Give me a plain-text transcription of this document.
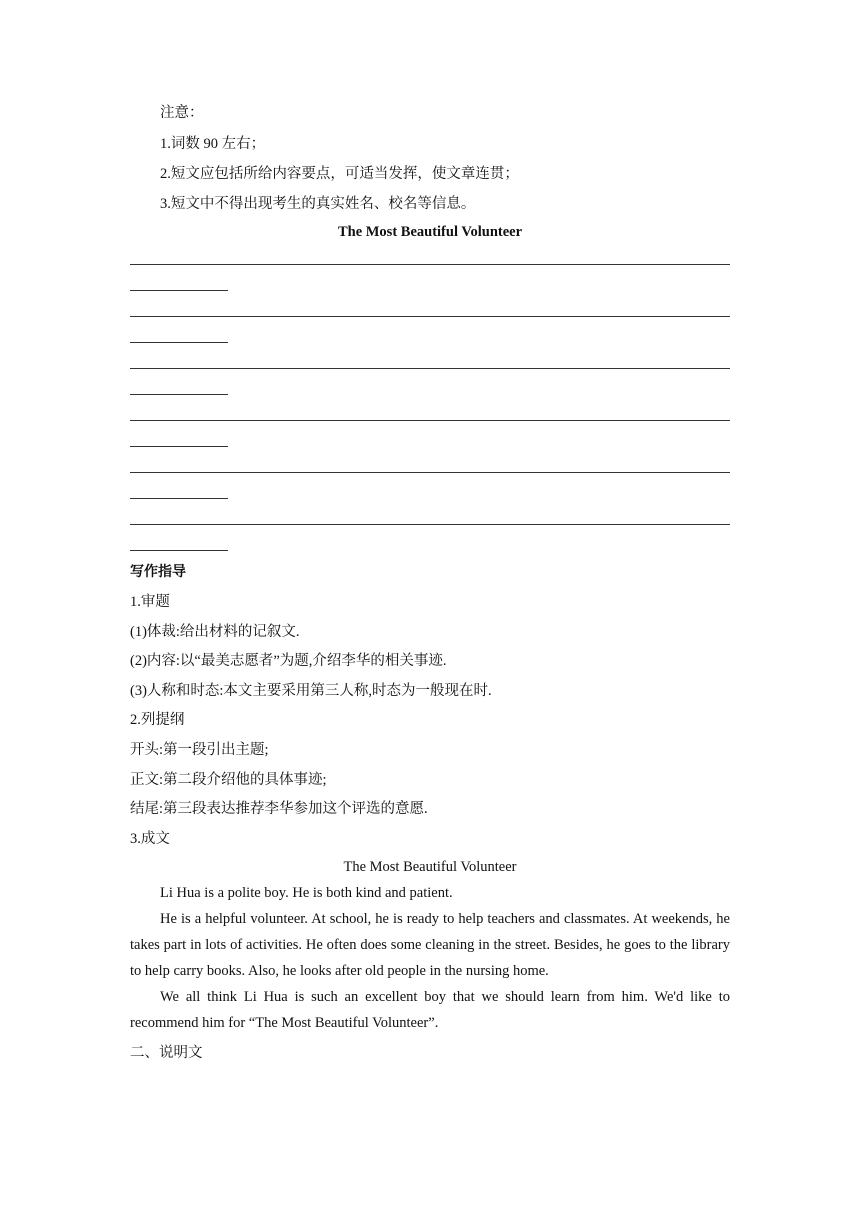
注意：
1.词数 90 左右；
2.短文应包括所给内容要点，可适当发挥，使文章连贯；
3.短文中不得出现考生的真实姓名、校名等信息。
The Most Beautiful Volunteer
写作指导
1.审题
(1)体裁:给出材料的记叙文.
(2)内容:以“最美志愿者”为题,介绍李华的相关事迹.
(3)人称和时态:本文主要采用第三人称,时态为一般现在时.
2.列提纲
开头:第一段引出主题;
正文:第二段介绍他的具体事迹;
结尾:第三段表达推荐李华参加这个评选的意愿.
3.成文
The Most Beautiful Volunteer
Li Hua is a polite boy. He is both kind and patient.
He is a helpful volunteer. At school, he is ready to help teachers and classmates. At weekends, he takes part in lots of activities. He often does some cleaning in the street. Besides, he goes to the library to help carry books. Also, he looks after old people in the nursing home.
We all think Li Hua is such an excellent boy that we should learn from him. We'd like to recommend him for “The Most Beautiful Volunteer”.
二、说明文
